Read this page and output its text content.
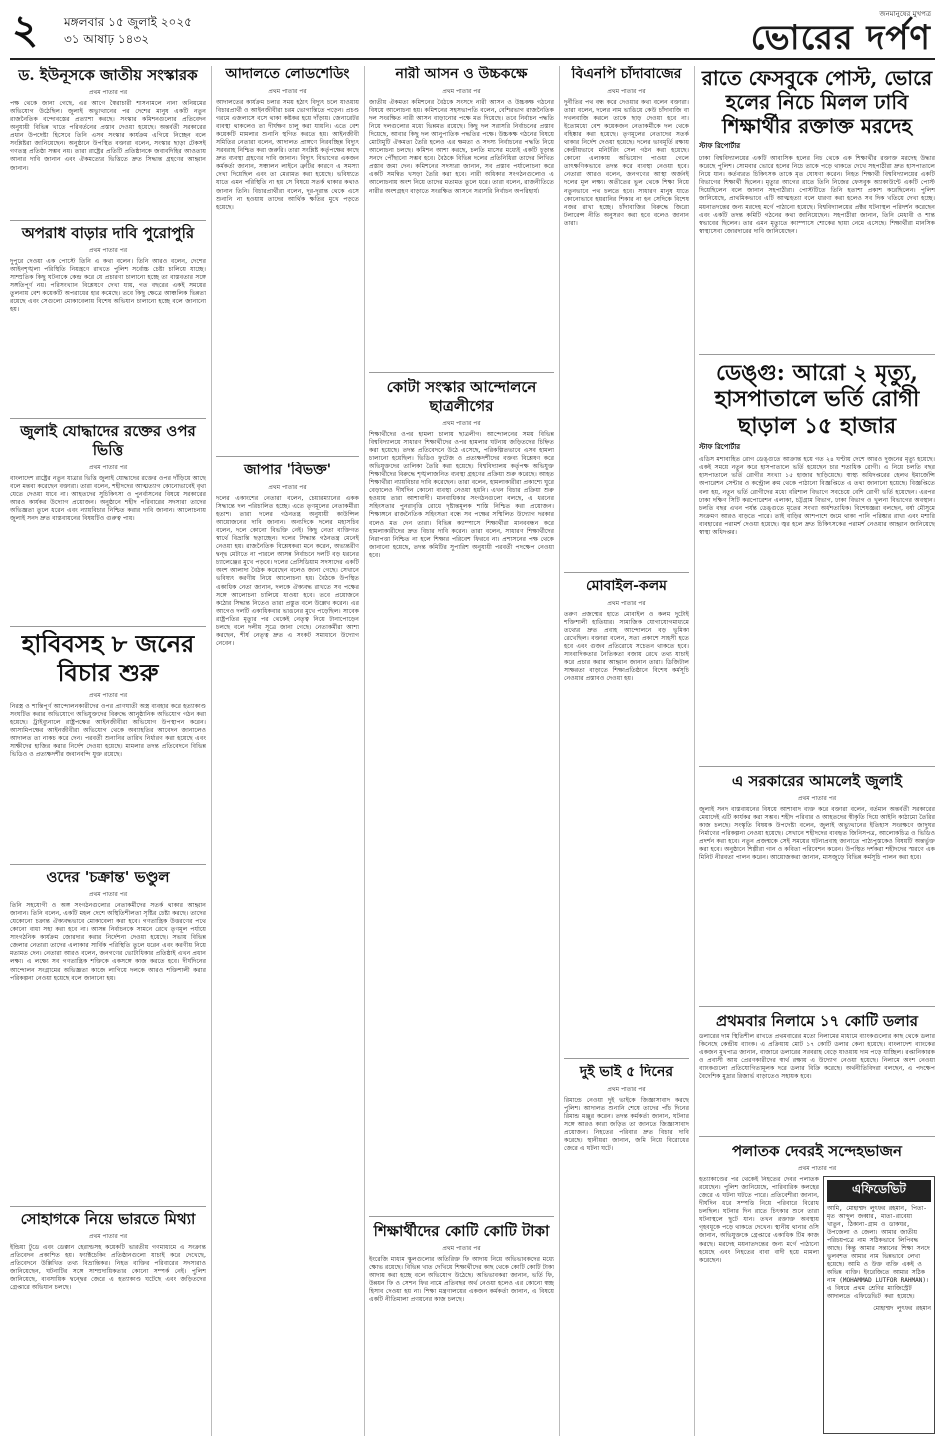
২ মঙ্গলবার ১৫ জুলাই ২০২৫
৩১ আষাঢ় ১৪৩২
জনমানুষের মুখপত্র
ভোরের দর্পণ
ড. ইউনূসকে জাতীয় সংস্কারক
প্রথম পাতার পর

পক্ষ থেকে জানা গেছে, এর আগে স্বৈরাচারী শাসনামলে নানা অনিয়মের অভিযোগ উঠেছিল। জুলাই অভ্যুত্থানের পর দেশের মানুষ একটি নতুন রাজনৈতিক বন্দোবস্তের প্রত্যাশা করছে। সংস্কার কমিশনগুলোর প্রতিবেদন অনুযায়ী বিভিন্ন খাতে পরিবর্তনের প্রস্তাব দেওয়া হয়েছে। অন্তর্বর্তী সরকারের প্রধান উপদেষ্টা হিসেবে তিনি এসব সংস্কার কার্যক্রম এগিয়ে নিচ্ছেন বলে সংশ্লিষ্টরা জানিয়েছেন। অনুষ্ঠানে উপস্থিত বক্তারা বলেন, সংস্কার ছাড়া টেকসই গণতন্ত্র প্রতিষ্ঠা সম্ভব নয়। তারা রাষ্ট্রের প্রতিটি প্রতিষ্ঠানকে জবাবদিহির আওতায় আনার দাবি জানান এবং ঐকমত্যের ভিত্তিতে দ্রুত সিদ্ধান্ত গ্রহণের আহ্বান জানান।

অপরাধ বাড়ার দাবি পুরোপুরি
প্রথম পাতার পর

দুপুরে দেওয়া এক পোস্টে তিনি এ কথা বলেন। তিনি আরও বলেন, দেশের আইনশৃঙ্খলা পরিস্থিতি নিয়ন্ত্রণে রাখতে পুলিশ সর্বোচ্চ চেষ্টা চালিয়ে যাচ্ছে। সাম্প্রতিক কিছু ঘটনাকে কেন্দ্র করে যে প্রচারণা চালানো হচ্ছে তা বাস্তবতার সঙ্গে সঙ্গতিপূর্ণ নয়। পরিসংখ্যান বিশ্লেষণে দেখা যায়, গত বছরের একই সময়ের তুলনায় বেশ কয়েকটি অপরাধের হার কমেছে। তবে কিছু ক্ষেত্রে আঞ্চলিক ভিন্নতা রয়েছে এবং সেগুলো মোকাবেলায় বিশেষ অভিযান চালানো হচ্ছে বলে জানানো হয়।

জুলাই যোদ্ধাদের রক্তের ওপর ভিত্তি
প্রথম পাতার পর

বাংলাদেশ রাষ্ট্রের নতুন যাত্রার ভিত্তি জুলাই যোদ্ধাদের রক্তের ওপর দাঁড়িয়ে আছে বলে মন্তব্য করেছেন বক্তারা। তারা বলেন, শহীদদের আত্মত্যাগ কোনোভাবেই বৃথা যেতে দেওয়া যাবে না। আহতদের সুচিকিৎসা ও পুনর্বাসনের বিষয়ে সরকারের আরও কার্যকর উদ্যোগ প্রয়োজন। অনুষ্ঠানে শহীদ পরিবারের সদস্যরা তাদের অভিজ্ঞতা তুলে ধরেন এবং ন্যায়বিচার নিশ্চিত করার দাবি জানান। আলোচনায় জুলাই সনদ দ্রুত বাস্তবায়নের বিষয়টিও গুরুত্ব পায়।

হাবিবসহ ৮ জনের বিচার শুরু
প্রথম পাতার পর

নিরস্ত্র ও শান্তিপূর্ণ আন্দোলনকারীদের ওপর প্রাণঘাতী অস্ত্র ব্যবহার করে হত্যাকাণ্ড সংঘটিত করার অভিযোগে অভিযুক্তদের বিরুদ্ধে আনুষ্ঠানিক অভিযোগ গঠন করা হয়েছে। ট্রাইব্যুনালে রাষ্ট্রপক্ষের আইনজীবীরা অভিযোগ উপস্থাপন করেন। আসামিপক্ষের আইনজীবীরা অভিযোগ থেকে অব্যাহতির আবেদন জানালেও আদালত তা নাকচ করে দেন। পরবর্তী শুনানির তারিখ নির্ধারণ করা হয়েছে এবং সাক্ষীদের হাজির করার নির্দেশ দেওয়া হয়েছে। মামলার তদন্ত প্রতিবেদনে বিভিন্ন ভিডিও ও প্রত্যক্ষদর্শীর জবানবন্দি যুক্ত রয়েছে।

ওদের 'চক্রান্ত' ভণ্ডুল
প্রথম পাতার পর

তিনি সহযোগী ও অঙ্গ সংগঠনগুলোর নেতাকর্মীদের সতর্ক থাকার আহ্বান জানান। তিনি বলেন, একটি মহল দেশে অস্থিতিশীলতা সৃষ্টির চেষ্টা করছে। তাদের যেকোনো চক্রান্ত ঐক্যবদ্ধভাবে মোকাবেলা করা হবে। গণতান্ত্রিক উত্তরণের পথে কোনো বাধা সহ্য করা হবে না। আসন্ন নির্বাচনকে সামনে রেখে তৃণমূল পর্যায়ে সাংগঠনিক কার্যক্রম জোরদার করার নির্দেশনা দেওয়া হয়েছে। সভায় বিভিন্ন জেলার নেতারা তাদের এলাকার সার্বিক পরিস্থিতি তুলে ধরেন এবং করণীয় নিয়ে মতামত দেন। নেতারা আরও বলেন, জনগণের ভোটাধিকার প্রতিষ্ঠাই এখন প্রধান লক্ষ্য। এ লক্ষ্যে সব গণতান্ত্রিক শক্তিকে একসঙ্গে কাজ করতে হবে। দীর্ঘদিনের আন্দোলন সংগ্রামের অভিজ্ঞতা কাজে লাগিয়ে দলকে আরও শক্তিশালী করার পরিকল্পনা নেওয়া হয়েছে বলে জানানো হয়।

সোহাগকে নিয়ে ভারতে মিথ্যা
প্রথম পাতার পর

ইন্ডিয়া টুডে এবং ডেক্কান হেরাল্ডসহ কয়েকটি ভারতীয় গণমাধ্যমে এ সংক্রান্ত প্রতিবেদন প্রকাশিত হয়। ফ্যাক্টচেকিং প্রতিষ্ঠানগুলো যাচাই করে দেখেছে, প্রতিবেদনে উল্লিখিত তথ্য বিভ্রান্তিকর। নিহত ব্যক্তির পরিবারের সদস্যরাও জানিয়েছেন, ঘটনাটির সঙ্গে সাম্প্রদায়িকতার কোনো সম্পর্ক নেই। পুলিশ জানিয়েছে, ব্যবসায়িক দ্বন্দ্বের জেরে এ হত্যাকাণ্ড ঘটেছে এবং জড়িতদের গ্রেপ্তারে অভিযান চলছে।

আদালতে লোডশেডিং
প্রথম পাতার পর

আদালতের কার্যক্রম চলার সময় হঠাৎ বিদ্যুৎ চলে যাওয়ায় বিচারপ্রার্থী ও আইনজীবীরা চরম ভোগান্তিতে পড়েন। প্রচণ্ড গরমে এজলাসে বসে থাকা কষ্টকর হয়ে দাঁড়ায়। জেনারেটর ব্যবস্থা থাকলেও তা দীর্ঘক্ষণ চালু করা যায়নি। এতে বেশ কয়েকটি মামলার শুনানি স্থগিত করতে হয়। আইনজীবী সমিতির নেতারা বলেন, আদালত প্রাঙ্গণে নিরবচ্ছিন্ন বিদ্যুৎ সরবরাহ নিশ্চিত করা জরুরি। তারা সংশ্লিষ্ট কর্তৃপক্ষের কাছে দ্রুত ব্যবস্থা গ্রহণের দাবি জানান। বিদ্যুৎ বিভাগের একজন কর্মকর্তা জানান, সঞ্চালন লাইনে ত্রুটির কারণে এ সমস্যা দেখা দিয়েছিল এবং তা মেরামত করা হয়েছে। ভবিষ্যতে যাতে এমন পরিস্থিতি না হয় সে বিষয়ে সতর্ক থাকার কথাও জানান তিনি। বিচারপ্রার্থীরা বলেন, দূর-দূরান্ত থেকে এসে শুনানি না হওয়ায় তাদের আর্থিক ক্ষতির মুখে পড়তে হয়েছে।

জাপার 'বিভক্ত'
প্রথম পাতার পর

দলের একাংশের নেতারা বলেন, চেয়ারম্যানের একক সিদ্ধান্তে দল পরিচালিত হচ্ছে। এতে তৃণমূলের নেতাকর্মীরা হতাশ। তারা দলের গঠনতন্ত্র অনুযায়ী কাউন্সিল আয়োজনের দাবি জানান। অন্যদিকে দলের মহাসচিব বলেন, দলে কোনো বিভক্তি নেই। কিছু নেতা ব্যক্তিগত স্বার্থে বিভ্রান্তি ছড়াচ্ছেন। দলের সিদ্ধান্ত গঠনতন্ত্র মেনেই নেওয়া হয়। রাজনৈতিক বিশ্লেষকরা মনে করেন, অভ্যন্তরীণ দ্বন্দ্ব মেটাতে না পারলে আসন্ন নির্বাচনে দলটি বড় ধরনের চ্যালেঞ্জের মুখে পড়বে। দলের প্রেসিডিয়াম সদস্যদের একটি অংশ আলাদা বৈঠক করেছেন বলেও জানা গেছে। সেখানে ভবিষ্যৎ করণীয় নিয়ে আলোচনা হয়। বৈঠকে উপস্থিত একাধিক নেতা জানান, দলকে ঐক্যবদ্ধ রাখতে সব পক্ষের সঙ্গে আলোচনা চালিয়ে যাওয়া হবে। তবে প্রয়োজনে কঠোর সিদ্ধান্ত নিতেও তারা প্রস্তুত বলে উল্লেখ করেন। এর আগেও দলটি একাধিকবার ভাঙনের মুখে পড়েছিল। সাবেক রাষ্ট্রপতির মৃত্যুর পর থেকেই নেতৃত্ব নিয়ে টানাপোড়েন চলছে বলে দলীয় সূত্রে জানা গেছে। নেতাকর্মীরা আশা করছেন, শীর্ষ নেতৃত্ব দ্রুত এ সংকট সমাধানে উদ্যোগ নেবেন।

নারী আসন ও উচ্চকক্ষে
প্রথম পাতার পর

জাতীয় ঐকমত্য কমিশনের বৈঠকে সংসদে নারী আসন ও উচ্চকক্ষ গঠনের বিষয়ে আলোচনা হয়। কমিশনের সহসভাপতি বলেন, বেশিরভাগ রাজনৈতিক দল সংরক্ষিত নারী আসন বাড়ানোর পক্ষে মত দিয়েছে। তবে নির্বাচন পদ্ধতি নিয়ে দলগুলোর মধ্যে ভিন্নমত রয়েছে। কিছু দল সরাসরি নির্বাচনের প্রস্তাব দিয়েছে, আবার কিছু দল আনুপাতিক পদ্ধতির পক্ষে। উচ্চকক্ষ গঠনের বিষয়ে মোটামুটি ঐকমত্য তৈরি হলেও এর ক্ষমতা ও সদস্য নির্বাচনের পদ্ধতি নিয়ে আলোচনা চলছে। কমিশন আশা করছে, চলতি মাসের মধ্যেই একটি চূড়ান্ত সনদে পৌঁছানো সম্ভব হবে। বৈঠকে বিভিন্ন দলের প্রতিনিধিরা তাদের লিখিত প্রস্তাব জমা দেন। কমিশনের সদস্যরা জানান, সব প্রস্তাব পর্যালোচনা করে একটি সমন্বিত খসড়া তৈরি করা হবে। নারী অধিকার সংগঠনগুলোও এ আলোচনায় অংশ নিয়ে তাদের মতামত তুলে ধরে। তারা বলেন, রাজনীতিতে নারীর অংশগ্রহণ বাড়াতে সংরক্ষিত আসনে সরাসরি নির্বাচন অপরিহার্য।

কোটা সংস্কার আন্দোলনে ছাত্রলীগের
প্রথম পাতার পর

শিক্ষার্থীদের ওপর হামলা চালায় ছাত্রলীগ। আন্দোলনের সময় বিভিন্ন বিশ্ববিদ্যালয়ে সাধারণ শিক্ষার্থীদের ওপর হামলার ঘটনায় জড়িতদের চিহ্নিত করা হয়েছে। তদন্ত প্রতিবেদনে উঠে এসেছে, পরিকল্পিতভাবে এসব হামলা চালানো হয়েছিল। ভিডিও ফুটেজ ও প্রত্যক্ষদর্শীদের বক্তব্য বিশ্লেষণ করে অভিযুক্তদের তালিকা তৈরি করা হয়েছে। বিশ্ববিদ্যালয় কর্তৃপক্ষ অভিযুক্ত শিক্ষার্থীদের বিরুদ্ধে শৃঙ্খলাজনিত ব্যবস্থা গ্রহণের প্রক্রিয়া শুরু করেছে। আহত শিক্ষার্থীরা ন্যায়বিচার দাবি করেছেন। তারা বলেন, হামলাকারীরা প্রকাশ্যে ঘুরে বেড়ালেও দীর্ঘদিন কোনো ব্যবস্থা নেওয়া হয়নি। এখন বিচার প্রক্রিয়া শুরু হওয়ায় তারা আশাবাদী। মানবাধিকার সংগঠনগুলো বলছে, এ ধরনের সহিংসতার পুনরাবৃত্তি রোধে দৃষ্টান্তমূলক শাস্তি নিশ্চিত করা প্রয়োজন। শিক্ষাঙ্গনে রাজনৈতিক সহিংসতা বন্ধে সব পক্ষের সম্মিলিত উদ্যোগ দরকার বলেও মত দেন তারা। বিভিন্ন ক্যাম্পাসে শিক্ষার্থীরা মানববন্ধন করে হামলাকারীদের দ্রুত বিচার দাবি করেন। তারা বলেন, সাধারণ শিক্ষার্থীদের নিরাপত্তা নিশ্চিত না হলে শিক্ষার পরিবেশ ফিরবে না। প্রশাসনের পক্ষ থেকে জানানো হয়েছে, তদন্ত কমিটির সুপারিশ অনুযায়ী পরবর্তী পদক্ষেপ নেওয়া হবে।

শিক্ষার্থীদের কোটি কোটি টাকা
প্রথম পাতার পর

ইংরেজি মাধ্যম স্কুলগুলোর অতিরিক্ত ফি আদায় নিয়ে অভিভাবকদের মধ্যে ক্ষোভ রয়েছে। বিভিন্ন খাত দেখিয়ে শিক্ষার্থীদের কাছ থেকে কোটি কোটি টাকা আদায় করা হচ্ছে বলে অভিযোগ উঠেছে। অভিভাবকরা জানান, ভর্তি ফি, উন্নয়ন ফি ও সেশন ফির নামে প্রতিবছর অর্থ নেওয়া হলেও এর কোনো স্বচ্ছ হিসাব দেওয়া হয় না। শিক্ষা মন্ত্রণালয়ের একজন কর্মকর্তা জানান, এ বিষয়ে একটি নীতিমালা প্রণয়নের কাজ চলছে।

বিএনপি চাঁদাবাজের
প্রথম পাতার পর

দুর্নীতির পথ বন্ধ করে দেওয়ার কথা বলেন বক্তারা। তারা বলেন, দলের নাম ভাঙিয়ে কেউ চাঁদাবাজি বা দখলবাজি করলে তাকে ছাড় দেওয়া হবে না। ইতোমধ্যে বেশ কয়েকজন নেতাকর্মীকে দল থেকে বহিষ্কার করা হয়েছে। তৃণমূলের নেতাদের সতর্ক থাকার নির্দেশ দেওয়া হয়েছে। দলের ভাবমূর্তি রক্ষায় কেন্দ্রীয়ভাবে মনিটরিং সেল গঠন করা হয়েছে। কোনো এলাকায় অভিযোগ পাওয়া গেলে তাৎক্ষণিকভাবে তদন্ত করে ব্যবস্থা নেওয়া হবে। নেতারা আরও বলেন, জনগণের আস্থা অর্জনই দলের মূল লক্ষ্য। অতীতের ভুল থেকে শিক্ষা নিয়ে নতুনভাবে পথ চলতে হবে। সাধারণ মানুষ যাতে কোনোভাবে হয়রানির শিকার না হন সেদিকে বিশেষ নজর রাখা হচ্ছে। চাঁদাবাজির বিরুদ্ধে জিরো টলারেন্স নীতি অনুসরণ করা হবে বলেও জানান তারা।

মোবাইল-কলম
প্রথম পাতার পর

তরুণ প্রজন্মের হাতে মোবাইল ও কলম দুটোই শক্তিশালী হাতিয়ার। সামাজিক যোগাযোগমাধ্যমে তথ্যের দ্রুত প্রবাহ আন্দোলনে বড় ভূমিকা রেখেছিল। বক্তারা বলেন, সত্য প্রকাশে সাহসী হতে হবে এবং গুজব প্রতিরোধে সচেতন থাকতে হবে। সাংবাদিকতার নৈতিকতা বজায় রেখে তথ্য যাচাই করে প্রচার করার আহ্বান জানান তারা। ডিজিটাল সাক্ষরতা বাড়াতে শিক্ষাপ্রতিষ্ঠানে বিশেষ কর্মসূচি নেওয়ার প্রস্তাবও দেওয়া হয়।

দুই ভাই ৫ দিনের
প্রথম পাতার পর

রিমান্ডে নেওয়া দুই ভাইকে জিজ্ঞাসাবাদ করছে পুলিশ। আদালত শুনানি শেষে তাদের পাঁচ দিনের রিমান্ড মঞ্জুর করেন। তদন্ত কর্মকর্তা জানান, ঘটনার সঙ্গে আরও কারা জড়িত তা জানতে জিজ্ঞাসাবাদ প্রয়োজন। নিহতের পরিবার দ্রুত বিচার দাবি করেছে। স্থানীয়রা জানান, জমি নিয়ে বিরোধের জেরে এ ঘটনা ঘটে।

রাতে ফেসবুকে পোস্ট, ভোরে হলের নিচে মিলল ঢাবি শিক্ষার্থীর রক্তাক্ত মরদেহ
স্টাফ রিপোর্টার

ঢাকা বিশ্ববিদ্যালয়ের একটি আবাসিক হলের নিচ থেকে এক শিক্ষার্থীর রক্তাক্ত মরদেহ উদ্ধার করেছে পুলিশ। সোমবার ভোরে হলের নিচে তাকে পড়ে থাকতে দেখে সহপাঠীরা দ্রুত হাসপাতালে নিয়ে যান। কর্তব্যরত চিকিৎসক তাকে মৃত ঘোষণা করেন। নিহত শিক্ষার্থী বিশ্ববিদ্যালয়ের একটি বিভাগের শিক্ষার্থী ছিলেন। মৃত্যুর আগের রাতে তিনি নিজের ফেসবুক অ্যাকাউন্টে একটি পোস্ট দিয়েছিলেন বলে জানান সহপাঠীরা। পোস্টটিতে তিনি হতাশা প্রকাশ করেছিলেন। পুলিশ জানিয়েছে, প্রাথমিকভাবে এটি আত্মহত্যা বলে ধারণা করা হলেও সব দিক খতিয়ে দেখা হচ্ছে। ময়নাতদন্তের জন্য মরদেহ মর্গে পাঠানো হয়েছে। বিশ্ববিদ্যালয়ের প্রক্টর ঘটনাস্থল পরিদর্শন করেছেন এবং একটি তদন্ত কমিটি গঠনের কথা জানিয়েছেন। সহপাঠীরা জানান, তিনি মেধাবী ও শান্ত স্বভাবের ছিলেন। তার এমন মৃত্যুতে ক্যাম্পাসে শোকের ছায়া নেমে এসেছে। শিক্ষার্থীরা মানসিক স্বাস্থ্যসেবা জোরদারের দাবি জানিয়েছেন।

ডেঙ্গু: আরো ২ মৃত্যু, হাসপাতালে ভর্তি রোগী ছাড়াল ১৫ হাজার
স্টাফ রিপোর্টার

এডিস মশাবাহিত রোগ ডেঙ্গুতে আক্রান্ত হয়ে গত ২৪ ঘণ্টায় দেশে আরও দুজনের মৃত্যু হয়েছে। একই সময়ে নতুন করে হাসপাতালে ভর্তি হয়েছেন চার শতাধিক রোগী। এ নিয়ে চলতি বছর হাসপাতালে ভর্তি রোগীর সংখ্যা ১৫ হাজার ছাড়িয়েছে। স্বাস্থ্য অধিদপ্তরের হেলথ ইমার্জেন্সি অপারেশন সেন্টার ও কন্ট্রোল রুম থেকে পাঠানো বিজ্ঞপ্তিতে এ তথ্য জানানো হয়েছে। বিজ্ঞপ্তিতে বলা হয়, নতুন ভর্তি রোগীদের মধ্যে বরিশাল বিভাগে সবচেয়ে বেশি রোগী ভর্তি হয়েছেন। এরপর ঢাকা দক্ষিণ সিটি করপোরেশন এলাকা, চট্টগ্রাম বিভাগ, ঢাকা বিভাগ ও খুলনা বিভাগের অবস্থান। চলতি বছর এখন পর্যন্ত ডেঙ্গুতে মৃতের সংখ্যা অর্ধশতাধিক। বিশেষজ্ঞরা বলছেন, বর্ষা মৌসুমে সংক্রমণ আরও বাড়তে পারে। তাই বাড়ির আশপাশে জমে থাকা পানি পরিষ্কার রাখা এবং মশারি ব্যবহারের পরামর্শ দেওয়া হয়েছে। জ্বর হলে দ্রুত চিকিৎসকের পরামর্শ নেওয়ার আহ্বান জানিয়েছে স্বাস্থ্য অধিদপ্তর।

এ সরকারের আমলেই জুলাই
প্রথম পাতার পর

জুলাই সনদ বাস্তবায়নের বিষয়ে আশাবাদ ব্যক্ত করে বক্তারা বলেন, বর্তমান অন্তর্বর্তী সরকারের মেয়াদেই এটি কার্যকর করা সম্ভব। শহীদ পরিবার ও আহতদের স্বীকৃতি দিয়ে আইনি কাঠামো তৈরির কাজ চলছে। সংস্কৃতি বিষয়ক উপদেষ্টা বলেন, জুলাই অভ্যুত্থানের ইতিহাস সংরক্ষণে জাদুঘর নির্মাণের পরিকল্পনা নেওয়া হয়েছে। সেখানে শহীদদের ব্যবহৃত জিনিসপত্র, আলোকচিত্র ও ভিডিও প্রদর্শন করা হবে। নতুন প্রজন্মকে সেই সময়ের ঘটনাপ্রবাহ জানাতে পাঠ্যপুস্তকেও বিষয়টি অন্তর্ভুক্ত করা হবে। অনুষ্ঠানে শিল্পীরা গান ও কবিতা পরিবেশন করেন। উপস্থিত দর্শকরা শহীদদের স্মরণে এক মিনিট নীরবতা পালন করেন। আয়োজকরা জানান, মাসজুড়ে বিভিন্ন কর্মসূচি পালন করা হবে।

প্রথমবার নিলামে ১৭ কোটি ডলার

ডলারের দাম স্থিতিশীল রাখতে প্রথমবারের মতো নিলামের মাধ্যমে ব্যাংকগুলোর কাছ থেকে ডলার কিনেছে কেন্দ্রীয় ব্যাংক। এ প্রক্রিয়ায় মোট ১৭ কোটি ডলার কেনা হয়েছে। বাংলাদেশ ব্যাংকের একজন মুখপাত্র জানান, বাজারে ডলারের সরবরাহ বেড়ে যাওয়ায় দাম পড়ে যাচ্ছিল। রপ্তানিকারক ও প্রবাসী আয় প্রেরণকারীদের স্বার্থ রক্ষায় এ উদ্যোগ নেওয়া হয়েছে। নিলামে অংশ নেওয়া ব্যাংকগুলো প্রতিযোগিতামূলক দরে ডলার বিক্রি করেছে। অর্থনীতিবিদরা বলছেন, এ পদক্ষেপ বৈদেশিক মুদ্রার রিজার্ভ বাড়াতেও সহায়ক হবে।

পলাতক দেবরই সন্দেহভাজন
প্রথম পাতার পর

হত্যাকাণ্ডের পর থেকেই নিহতের দেবর পলাতক রয়েছেন। পুলিশ জানিয়েছে, পারিবারিক কলহের জেরে এ ঘটনা ঘটতে পারে। প্রতিবেশীরা জানান, দীর্ঘদিন ধরে সম্পত্তি নিয়ে পরিবারে বিরোধ চলছিল। ঘটনার দিন রাতে চিৎকার শুনে তারা ঘটনাস্থলে ছুটে যান। তখন রক্তাক্ত অবস্থায় গৃহবধূকে পড়ে থাকতে দেখেন। স্থানীয় থানার ওসি জানান, অভিযুক্তকে গ্রেপ্তারে একাধিক টিম কাজ করছে। মরদেহ ময়নাতদন্তের জন্য মর্গে পাঠানো হয়েছে এবং নিহতের বাবা বাদী হয়ে মামলা করেছেন।

এফিডেভিট

আমি, মোহাম্মদ লুৎফর রহমান, পিতা-মৃত আব্দুল জব্বার, মাতা-রাবেয়া খাতুন, ঠিকানা-গ্রাম ও ডাকঘর, উপজেলা ও জেলা। আমার জাতীয় পরিচয়পত্রে নাম সঠিকভাবে লিপিবদ্ধ আছে। কিন্তু আমার সন্তানের শিক্ষা সনদে ভুলবশত আমার নাম ভিন্নভাবে লেখা হয়েছে। আমি ও উক্ত ব্যক্তি একই ও অভিন্ন ব্যক্তি। ইংরেজিতে আমার সঠিক নাম (MOHAMMAD LUTFOR RAHMAN)। এ বিষয়ে প্রথম শ্রেণির ম্যাজিস্ট্রেট আদালতে এফিডেভিট করা হয়েছে।

মোহাম্মদ লুৎফর রহমান
